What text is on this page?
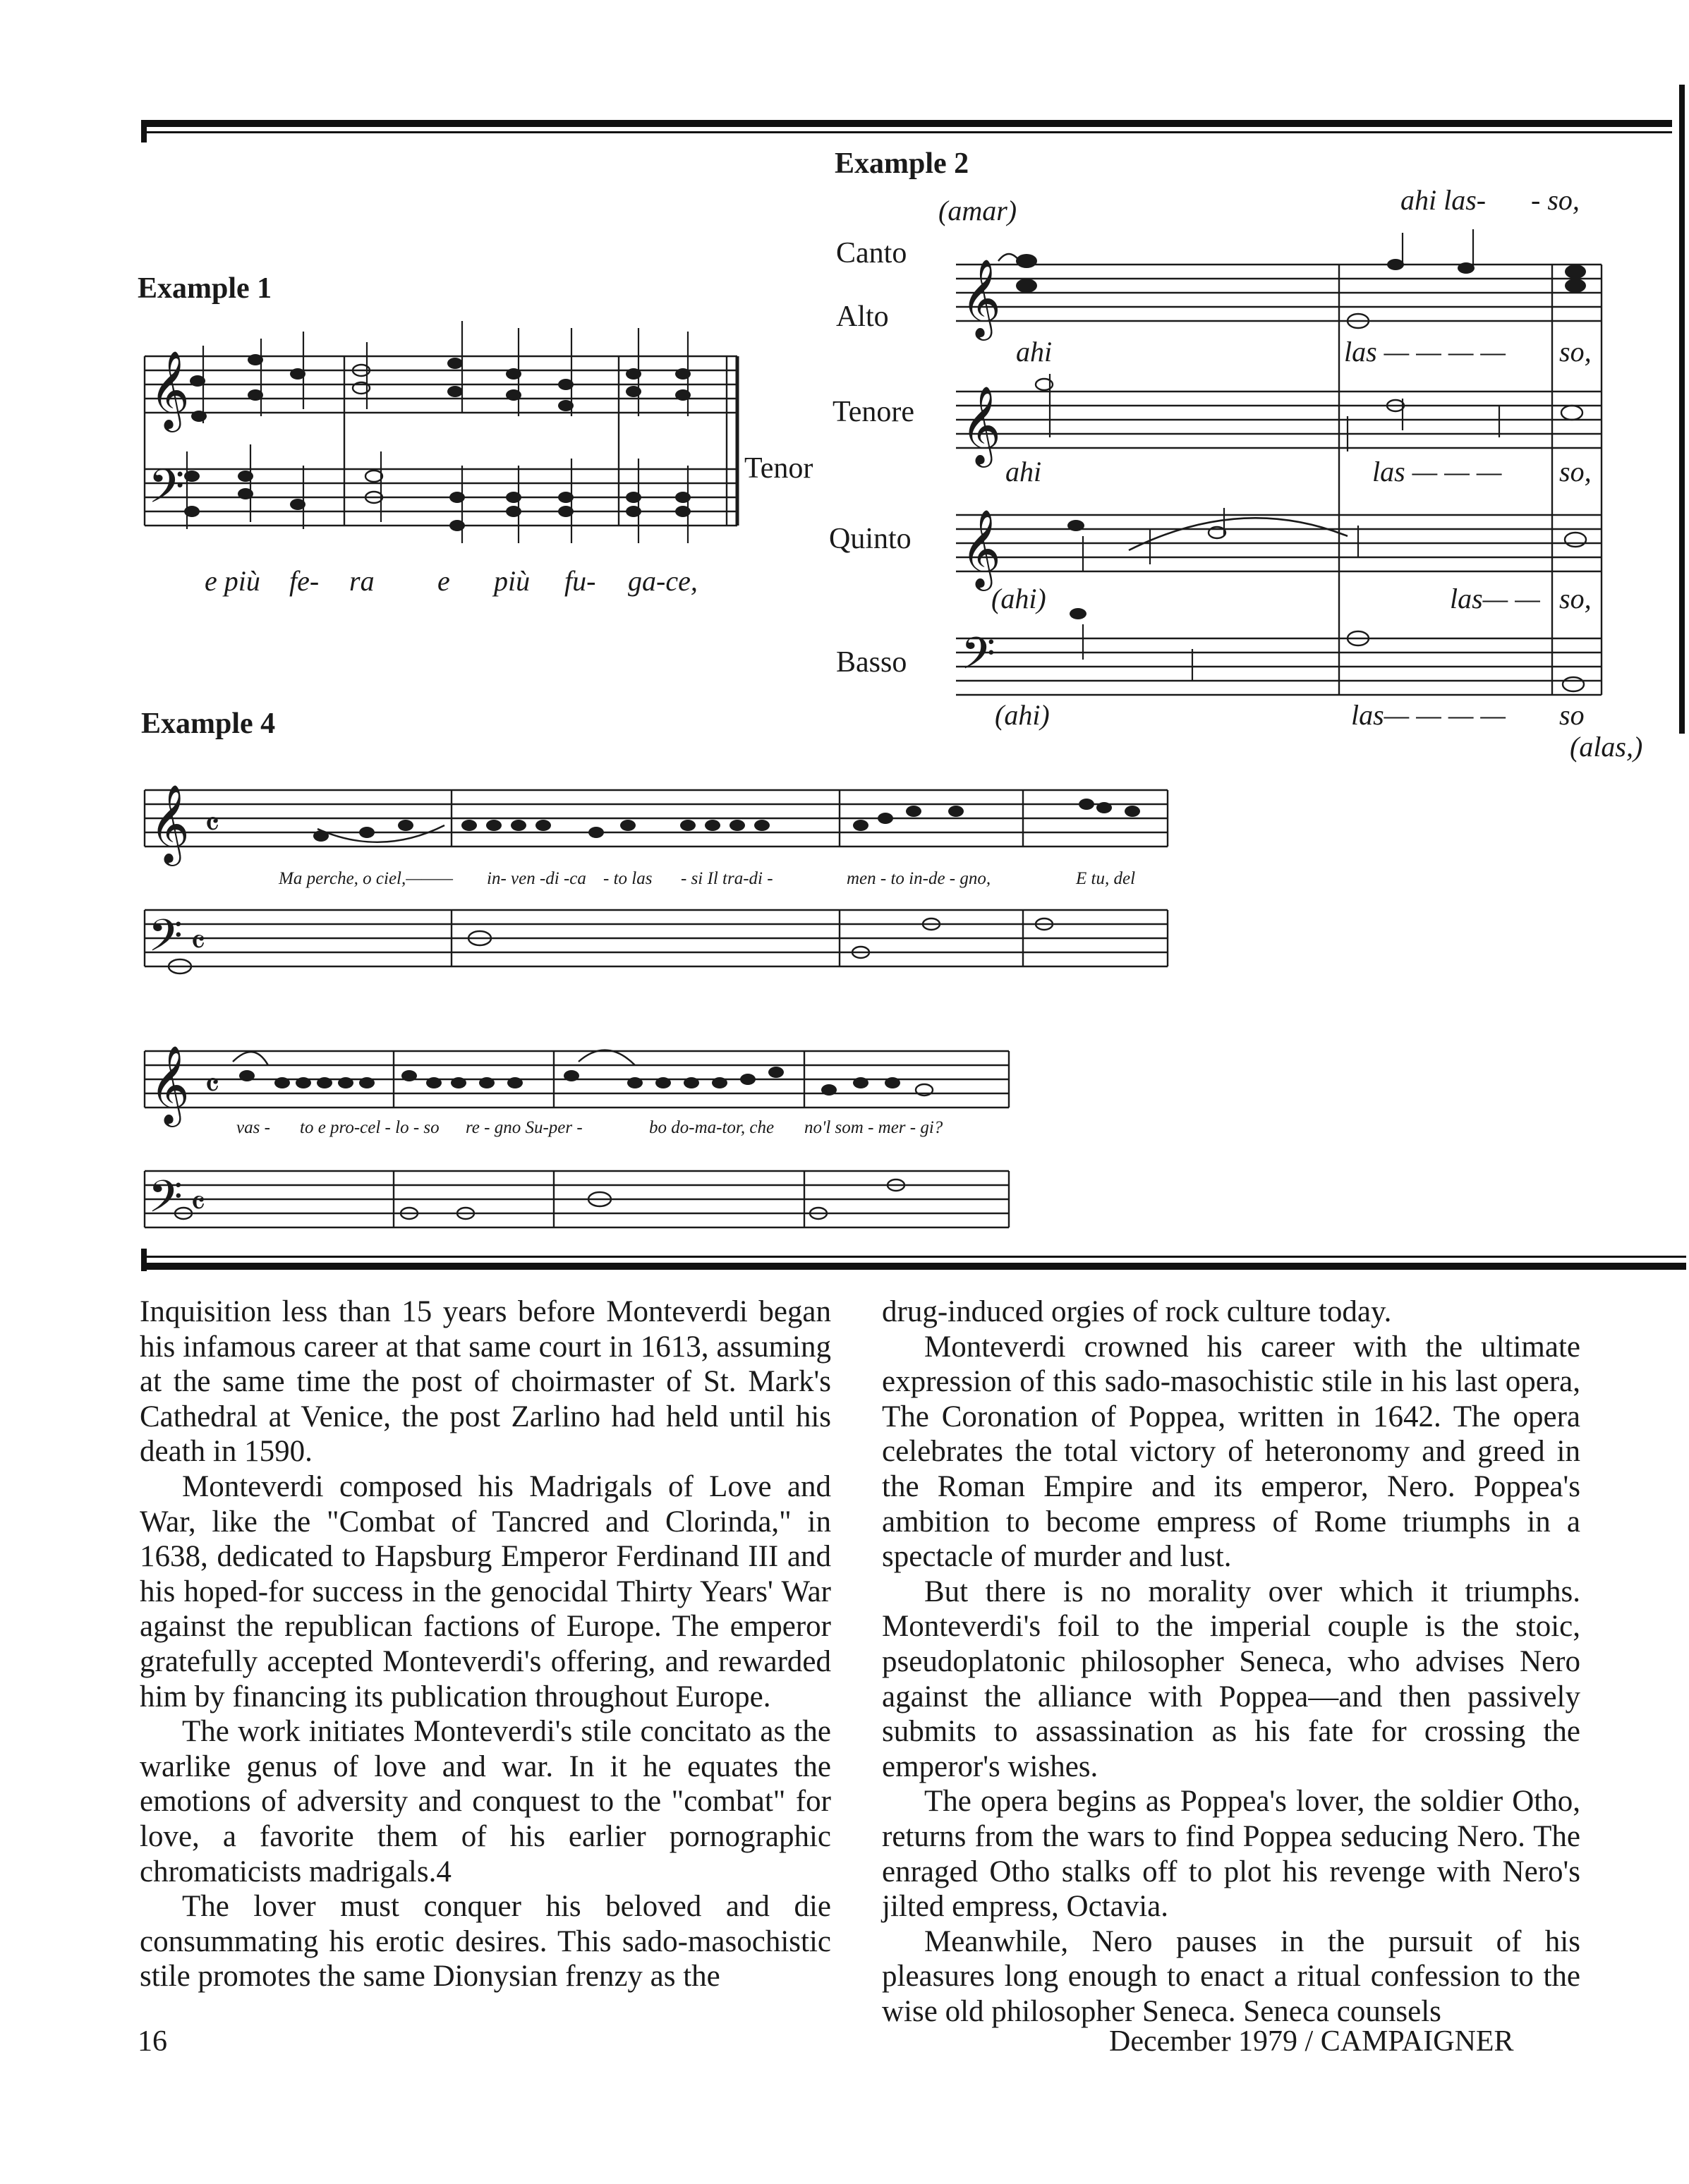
Example 1
Example 2
Example 4
𝄞
𝄢
𝄞
𝄞
𝄞
𝄢
𝄞 𝄴
𝄢 𝄴
𝄞 𝄴
𝄢 𝄴
Tenor
e più fe- ra e più fu- ga-ce,
Canto
Alto
Tenore
Quinto
Basso
(amar)	ahi las- - so,
ahi	las — — — — so,
ahi	las — — — so,
(ahi)	las— — so,
(ahi)	las— — — — so
(alas,)
Ma perche, o ciel,——— in- ven -di -ca - to las - si Il tra-di -	men - to in-de - gno,	E tu, del
vas - to e pro-cel - lo - so re - gno Su-per -	bo do-ma-tor, che no'l som - mer - gi?

Inquisition less than 15 years before Monteverdi began his infamous career at that same court in 1613, assuming at the same time the post of choirmaster of St. Mark's Cathedral at Venice, the post Zarlino had held until his death in 1590.

Monteverdi composed his Madrigals of Love and War, like the "Combat of Tancred and Clorinda," in 1638, dedicated to Hapsburg Emperor Ferdinand III and his hoped-for success in the genocidal Thirty Years' War against the republican factions of Europe. The emperor gratefully accepted Monteverdi's offering, and rewarded him by financing its publication throughout Europe.

The work initiates Monteverdi's stile concitato as the warlike genus of love and war. In it he equates the emotions of adversity and conquest to the "combat" for love, a favorite them of his earlier pornographic chromaticists madrigals.4

The lover must conquer his beloved and die consummating his erotic desires. This sado-masochistic stile promotes the same Dionysian frenzy as the

drug-induced orgies of rock culture today.

Monteverdi crowned his career with the ultimate expression of this sado-masochistic stile in his last opera, The Coronation of Poppea, written in 1642. The opera celebrates the total victory of heteronomy and greed in the Roman Empire and its emperor, Nero. Poppea's ambition to become empress of Rome triumphs in a spectacle of murder and lust.

But there is no morality over which it triumphs. Monteverdi's foil to the imperial couple is the stoic, pseudoplatonic philosopher Seneca, who advises Nero against the alliance with Poppea—and then passively submits to assassination as his fate for crossing the emperor's wishes.

The opera begins as Poppea's lover, the soldier Otho, returns from the wars to find Poppea seducing Nero. The enraged Otho stalks off to plot his revenge with Nero's jilted empress, Octavia.

Meanwhile, Nero pauses in the pursuit of his pleasures long enough to enact a ritual confession to the wise old philosopher Seneca. Seneca counsels

16	December 1979 / CAMPAIGNER
